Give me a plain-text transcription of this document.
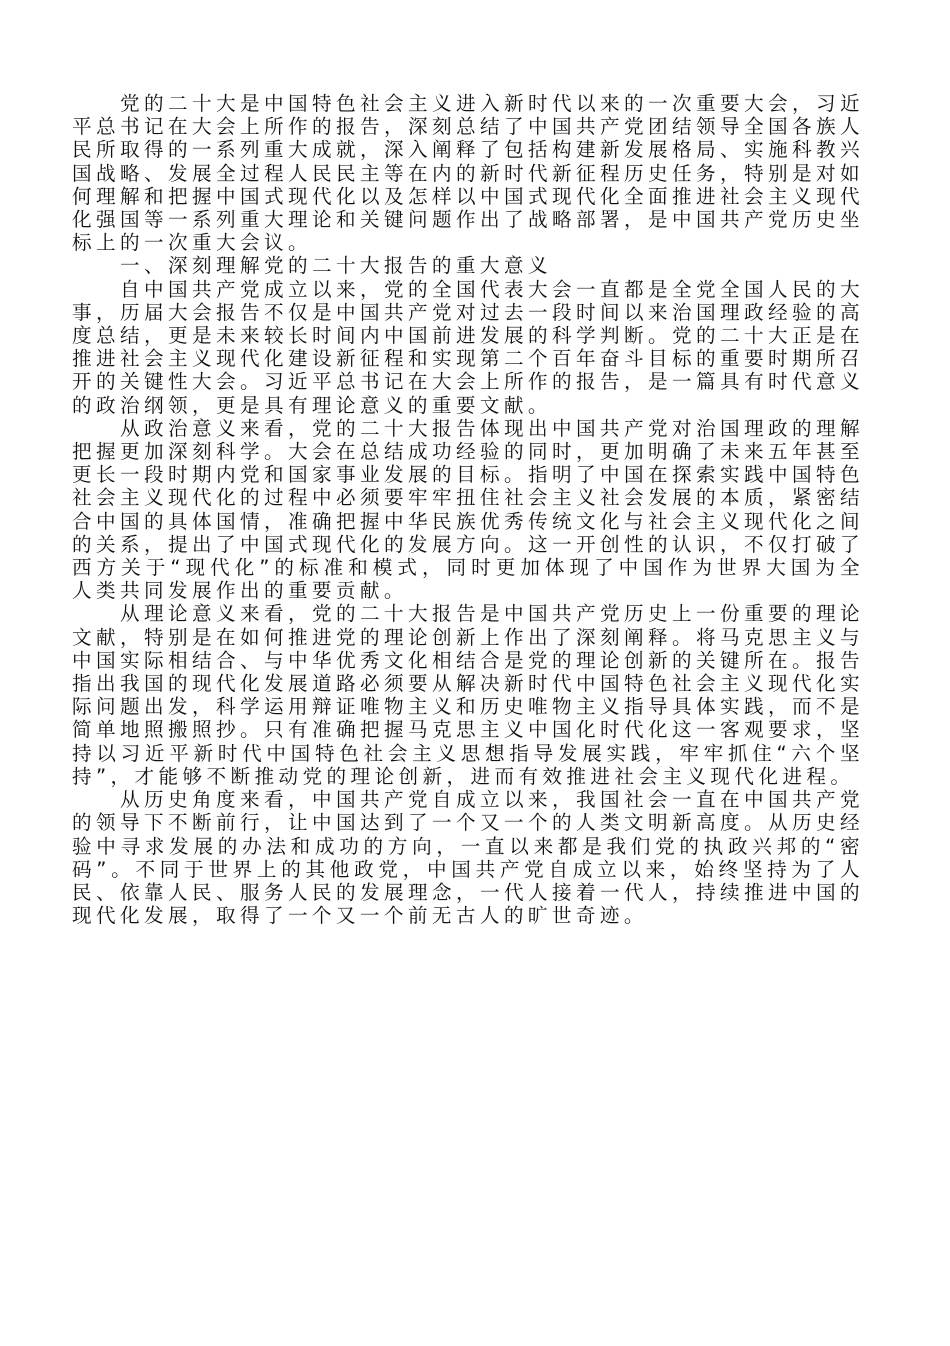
党的二十大是中国特色社会主义进入新时代以来的一次重要大会，习近平总书记在大会上所作的报告，深刻总结了中国共产党团结领导全国各族人民所取得的一系列重大成就，深入阐释了包括构建新发展格局、实施科教兴国战略、发展全过程人民民主等在内的新时代新征程历史任务，特别是对如何理解和把握中国式现代化以及怎样以中国式现代化全面推进社会主义现代化强国等一系列重大理论和关键问题作出了战略部署，是中国共产党历史坐标上的一次重大会议。

一、深刻理解党的二十大报告的重大意义

自中国共产党成立以来，党的全国代表大会一直都是全党全国人民的大事，历届大会报告不仅是中国共产党对过去一段时间以来治国理政经验的高度总结，更是未来较长时间内中国前进发展的科学判断。党的二十大正是在推进社会主义现代化建设新征程和实现第二个百年奋斗目标的重要时期所召开的关键性大会。习近平总书记在大会上所作的报告，是一篇具有时代意义的政治纲领，更是具有理论意义的重要文献。

从政治意义来看，党的二十大报告体现出中国共产党对治国理政的理解把握更加深刻科学。大会在总结成功经验的同时，更加明确了未来五年甚至更长一段时期内党和国家事业发展的目标。指明了中国在探索实践中国特色社会主义现代化的过程中必须要牢牢扭住社会主义社会发展的本质，紧密结合中国的具体国情，准确把握中华民族优秀传统文化与社会主义现代化之间的关系，提出了中国式现代化的发展方向。这一开创性的认识，不仅打破了西方关于“现代化”的标准和模式，同时更加体现了中国作为世界大国为全人类共同发展作出的重要贡献。

从理论意义来看，党的二十大报告是中国共产党历史上一份重要的理论文献，特别是在如何推进党的理论创新上作出了深刻阐释。将马克思主义与中国实际相结合、与中华优秀文化相结合是党的理论创新的关键所在。报告指出我国的现代化发展道路必须要从解决新时代中国特色社会主义现代化实际问题出发，科学运用辩证唯物主义和历史唯物主义指导具体实践，而不是简单地照搬照抄。只有准确把握马克思主义中国化时代化这一客观要求，坚持以习近平新时代中国特色社会主义思想指导发展实践，牢牢抓住“六个坚持”，才能够不断推动党的理论创新，进而有效推进社会主义现代化进程。

从历史角度来看，中国共产党自成立以来，我国社会一直在中国共产党的领导下不断前行，让中国达到了一个又一个的人类文明新高度。从历史经验中寻求发展的办法和成功的方向，一直以来都是我们党的执政兴邦的“密码”。不同于世界上的其他政党，中国共产党自成立以来，始终坚持为了人民、依靠人民、服务人民的发展理念，一代人接着一代人，持续推进中国的现代化发展，取得了一个又一个前无古人的旷世奇迹。
